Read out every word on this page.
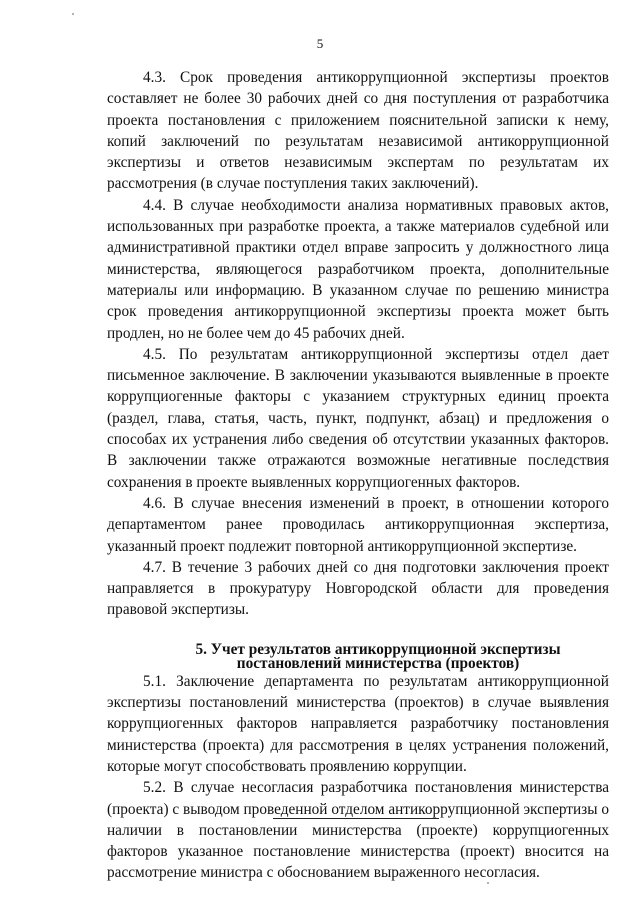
5

4.3. Срок проведения антикоррупционной экспертизы проектов составляет не более 30 рабочих дней со дня поступления от разработчика проекта постановления с приложением пояснительной записки к нему, копий заключений по результатам независимой антикоррупционной экспертизы и ответов независимым экспертам по результатам их рассмотрения (в случае поступления таких заключений).

4.4. В случае необходимости анализа нормативных правовых актов, использованных при разработке проекта, а также материалов судебной или административной практики отдел вправе запросить у должностного лица министерства, являющегося разработчиком проекта, дополнительные материалы или информацию. В указанном случае по решению министра срок проведения антикоррупционной экспертизы проекта может быть продлен, но не более чем до 45 рабочих дней.

4.5. По результатам антикоррупционной экспертизы отдел дает письменное заключение. В заключении указываются выявленные в проекте коррупциогенные факторы с указанием структурных единиц проекта (раздел, глава, статья, часть, пункт, подпункт, абзац) и предложения о способах их устранения либо сведения об отсутствии указанных факторов. В заключении также отражаются возможные негативные последствия сохранения в проекте выявленных коррупциогенных факторов.

4.6. В случае внесения изменений в проект, в отношении которого департаментом ранее проводилась антикоррупционная экспертиза, указанный проект подлежит повторной антикоррупционной экспертизе.

4.7. В течение 3 рабочих дней со дня подготовки заключения проект направляется в прокуратуру Новгородской области для проведения правовой экспертизы.

5. Учет результатов антикоррупционной экспертизы
постановлений министерства (проектов)

5.1. Заключение департамента по результатам антикоррупционной экспертизы постановлений министерства (проектов) в случае выявления коррупциогенных факторов направляется разработчику постановления министерства (проекта) для рассмотрения в целях устранения положений, которые могут способствовать проявлению коррупции.

5.2. В случае несогласия разработчика постановления министерства (проекта) с выводом проведенной отделом антикоррупционной экспертизы о наличии в постановлении министерства (проекте) коррупциогенных факторов указанное постановление министерства (проект) вносится на рассмотрение министра с обоснованием выраженного несогласия.
